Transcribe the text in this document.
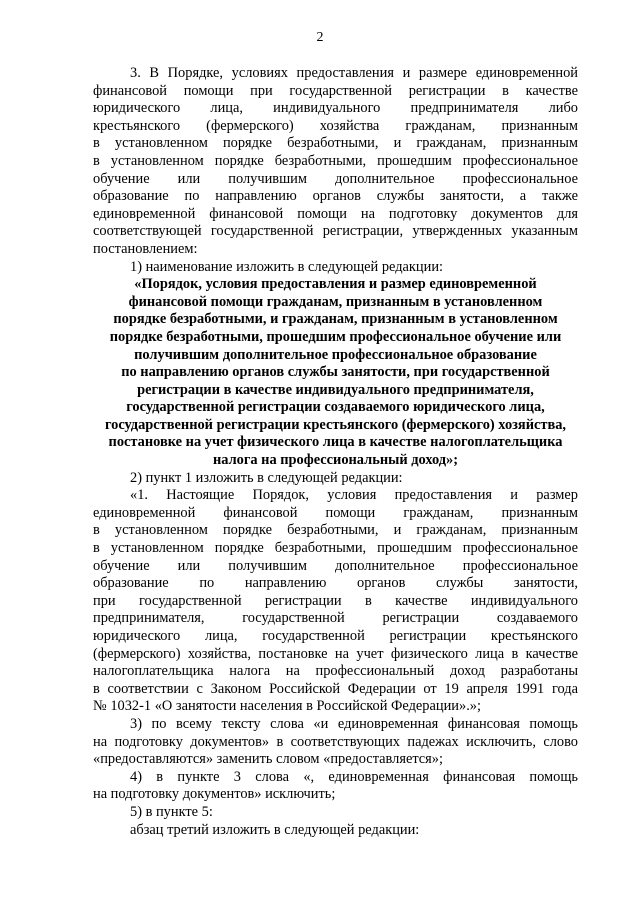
2
3. В Порядке, условиях предоставления и размере единовременной
финансовой помощи при государственной регистрации в качестве
юридического лица, индивидуального предпринимателя либо
крестьянского (фермерского) хозяйства гражданам, признанным
в установленном порядке безработными, и гражданам, признанным
в установленном порядке безработными, прошедшим профессиональное
обучение или получившим дополнительное профессиональное
образование по направлению органов службы занятости, а также
единовременной финансовой помощи на подготовку документов для
соответствующей государственной регистрации, утвержденных указанным
постановлением:
1) наименование изложить в следующей редакции:
«Порядок, условия предоставления и размер единовременной
финансовой помощи гражданам, признанным в установленном
порядке безработными, и гражданам, признанным в установленном
порядке безработными, прошедшим профессиональное обучение или
получившим дополнительное профессиональное образование
по направлению органов службы занятости, при государственной
регистрации в качестве индивидуального предпринимателя,
государственной регистрации создаваемого юридического лица,
государственной регистрации крестьянского (фермерского) хозяйства,
постановке на учет физического лица в качестве налогоплательщика
налога на профессиональный доход»;
2) пункт 1 изложить в следующей редакции:
«1. Настоящие Порядок, условия предоставления и размер
единовременной финансовой помощи гражданам, признанным
в установленном порядке безработными, и гражданам, признанным
в установленном порядке безработными, прошедшим профессиональное
обучение или получившим дополнительное профессиональное
образование по направлению органов службы занятости,
при государственной регистрации в качестве индивидуального
предпринимателя, государственной регистрации создаваемого
юридического лица, государственной регистрации крестьянского
(фермерского) хозяйства, постановке на учет физического лица в качестве
налогоплательщика налога на профессиональный доход разработаны
в соответствии с Законом Российской Федерации от 19 апреля 1991 года
№ 1032-1 «О занятости населения в Российской Федерации».»;
3) по всему тексту слова «и единовременная финансовая помощь
на подготовку документов» в соответствующих падежах исключить, слово
«предоставляются» заменить словом «предоставляется»;
4) в пункте 3 слова «, единовременная финансовая помощь
на подготовку документов» исключить;
5) в пункте 5:
абзац третий изложить в следующей редакции:
